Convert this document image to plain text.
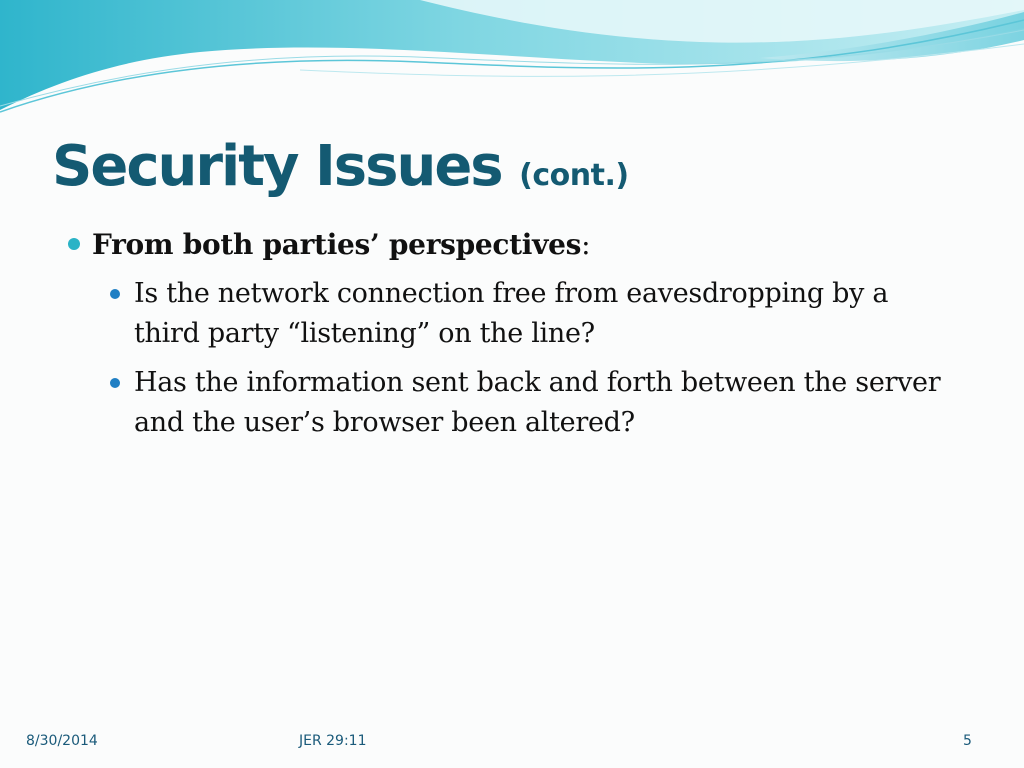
Security Issues (cont.)

From both parties’ perspectives:

Is the network connection free from eavesdropping by a third party “listening” on the line?
Has the information sent back and forth between the server and the user’s browser been altered?
8/30/2014	JER 29:11	5
